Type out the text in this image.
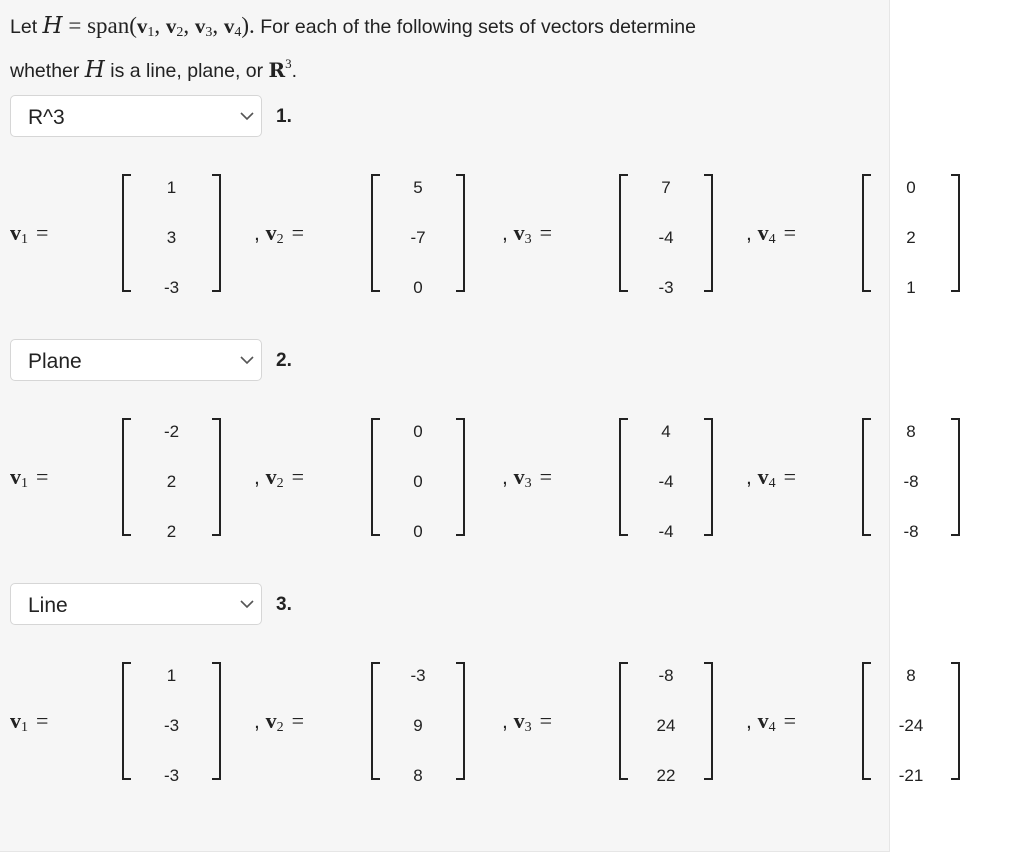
Let $H = span(v_1$, $v_2$, $v_3$, $v_4$). For each of the following sets of vectors determine
whether H is a line, plane, or $R^3$.
R^3	1.
$v_1$ =
1
3
-3
, $v_2$ =
5
-7
0
, $v_3$ =
7
-4
-3
, $v_4$ =
0
2
1
Plane	2.
$v_1$ =
-2
2
2
, $v_2$ =
0
0
0
, $v_3$ =
4
-4
-4
, $v_4$ =
8
-8
-8
Line	3.
$v_1$ =
1
-3
-3
, $v_2$ =
-3
9
8
, $v_3$ =
-8
24
22
, $v_4$ =
8
-24
-21
